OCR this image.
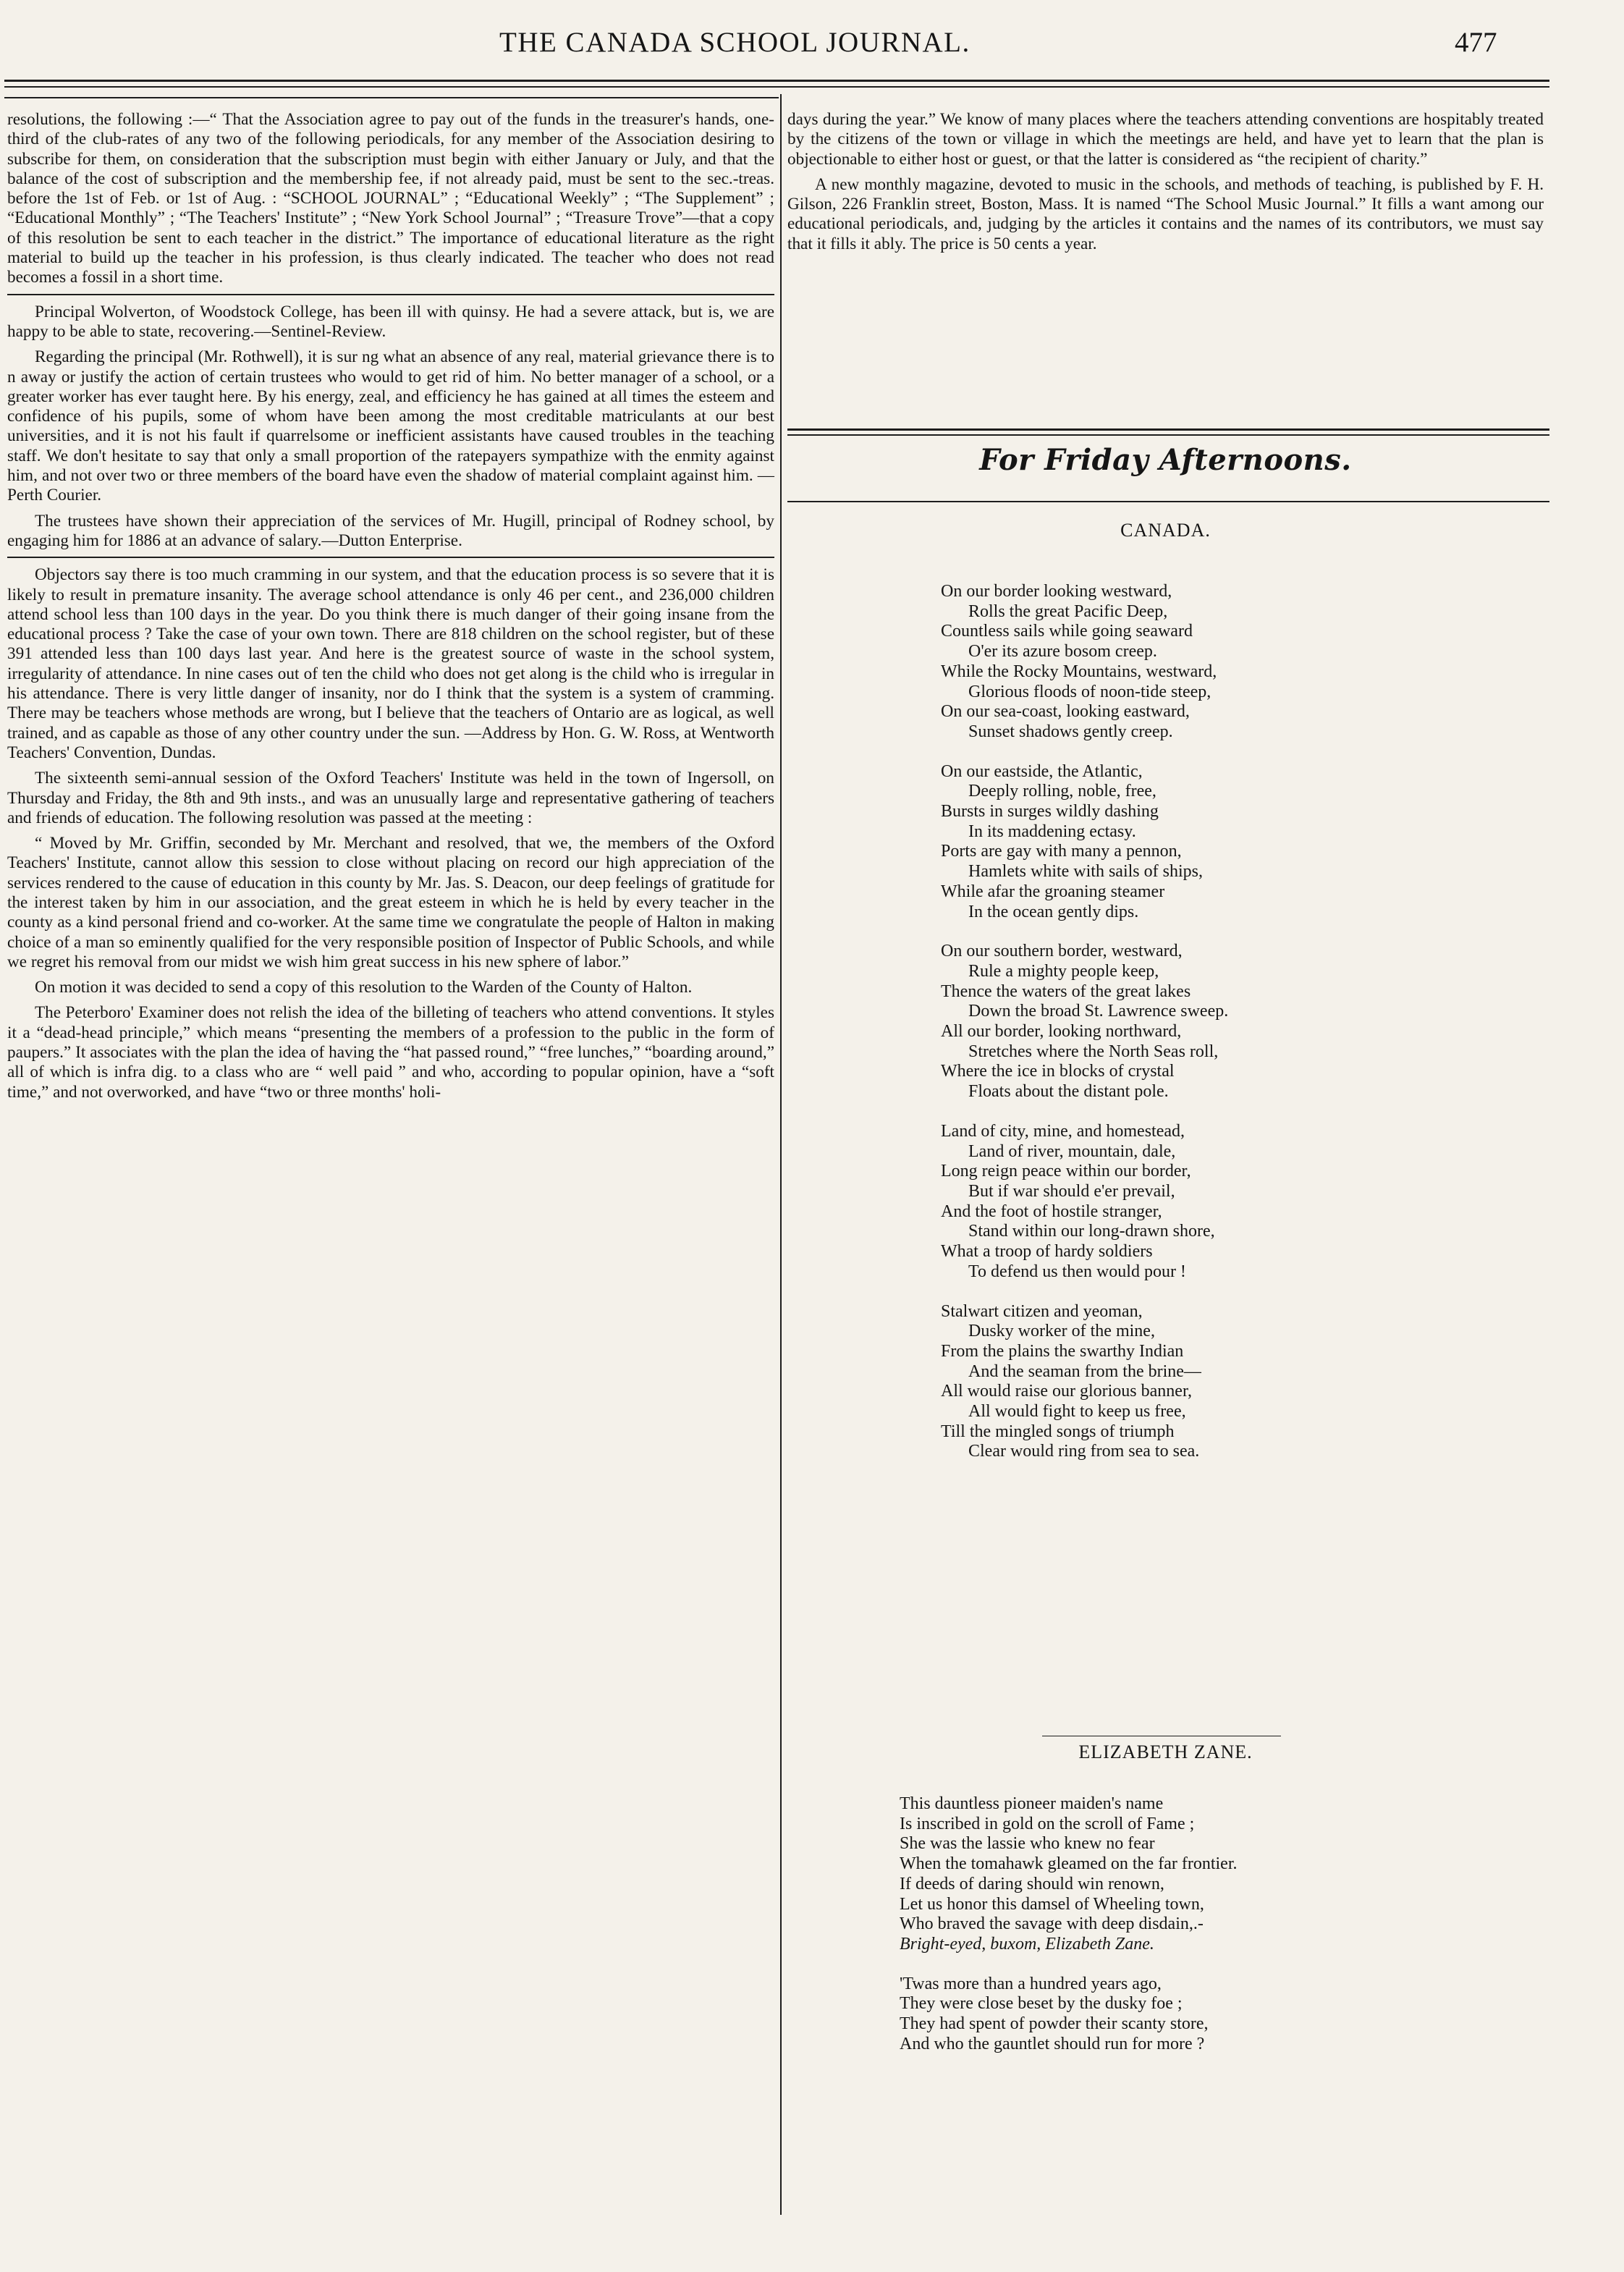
THE CANADA SCHOOL JOURNAL.	477

resolutions, the following :—“ That the Association agree to pay out of the funds in the treasurer's hands, one-third of the club-rates of any two of the following periodicals, for any member of the Association desiring to subscribe for them, on consideration that the subscription must begin with either January or July, and that the balance of the cost of subscription and the membership fee, if not already paid, must be sent to the sec.-treas. before the 1st of Feb. or 1st of Aug. : “SCHOOL JOURNAL” ; “Educational Weekly” ; “The Supplement” ; “Educational Monthly” ; “The Teachers' Institute” ; “New York School Journal” ; “Treasure Trove”—that a copy of this resolution be sent to each teacher in the district.” The importance of educational literature as the right material to build up the teacher in his profession, is thus clearly indicated. The teacher who does not read becomes a fossil in a short time.

Principal Wolverton, of Woodstock College, has been ill with quinsy. He had a severe attack, but is, we are happy to be able to state, recovering.—Sentinel-Review.

Regarding the principal (Mr. Rothwell), it is sur ng what an absence of any real, material grievance there is to n away or justify the action of certain trustees who would to get rid of him. No better manager of a school, or a greater worker has ever taught here. By his energy, zeal, and efficiency he has gained at all times the esteem and confidence of his pupils, some of whom have been among the most creditable matriculants at our best universities, and it is not his fault if quarrelsome or inefficient assistants have caused troubles in the teaching staff. We don't hesitate to say that only a small proportion of the ratepayers sympathize with the enmity against him, and not over two or three members of the board have even the shadow of material complaint against him. —Perth Courier.

The trustees have shown their appreciation of the services of Mr. Hugill, principal of Rodney school, by engaging him for 1886 at an advance of salary.—Dutton Enterprise.

Objectors say there is too much cramming in our system, and that the education process is so severe that it is likely to result in premature insanity. The average school attendance is only 46 per cent., and 236,000 children attend school less than 100 days in the year. Do you think there is much danger of their going insane from the educational process ? Take the case of your own town. There are 818 children on the school register, but of these 391 attended less than 100 days last year. And here is the greatest source of waste in the school system, irregularity of attendance. In nine cases out of ten the child who does not get along is the child who is irregular in his attendance. There is very little danger of insanity, nor do I think that the system is a system of cramming. There may be teachers whose methods are wrong, but I believe that the teachers of Ontario are as logical, as well trained, and as capable as those of any other country under the sun. —Address by Hon. G. W. Ross, at Wentworth Teachers' Convention, Dundas.

The sixteenth semi-annual session of the Oxford Teachers' Institute was held in the town of Ingersoll, on Thursday and Friday, the 8th and 9th insts., and was an unusually large and representative gathering of teachers and friends of education. The following resolution was passed at the meeting :

“ Moved by Mr. Griffin, seconded by Mr. Merchant and resolved, that we, the members of the Oxford Teachers' Institute, cannot allow this session to close without placing on record our high appreciation of the services rendered to the cause of education in this county by Mr. Jas. S. Deacon, our deep feelings of gratitude for the interest taken by him in our association, and the great esteem in which he is held by every teacher in the county as a kind personal friend and co-worker. At the same time we congratulate the people of Halton in making choice of a man so eminently qualified for the very responsible position of Inspector of Public Schools, and while we regret his removal from our midst we wish him great success in his new sphere of labor.”

On motion it was decided to send a copy of this resolution to the Warden of the County of Halton.

The Peterboro' Examiner does not relish the idea of the billeting of teachers who attend conventions. It styles it a “dead-head principle,” which means “presenting the members of a profession to the public in the form of paupers.” It associates with the plan the idea of having the “hat passed round,” “free lunches,” “boarding around,” all of which is infra dig. to a class who are “ well paid ” and who, according to popular opinion, have a “soft time,” and not overworked, and have “two or three months' holi-

days during the year.” We know of many places where the teachers attending conventions are hospitably treated by the citizens of the town or village in which the meetings are held, and have yet to learn that the plan is objectionable to either host or guest, or that the latter is considered as “the recipient of charity.”

A new monthly magazine, devoted to music in the schools, and methods of teaching, is published by F. H. Gilson, 226 Franklin street, Boston, Mass. It is named “The School Music Journal.” It fills a want among our educational periodicals, and, judging by the articles it contains and the names of its contributors, we must say that it fills it ably. The price is 50 cents a year.

For Friday Afternoons.
CANADA.
On our border looking westward,
Rolls the great Pacific Deep,
Countless sails while going seaward
O'er its azure bosom creep.
While the Rocky Mountains, westward,
Glorious floods of noon-tide steep,
On our sea-coast, looking eastward,
Sunset shadows gently creep.
On our eastside, the Atlantic,
Deeply rolling, noble, free,
Bursts in surges wildly dashing
In its maddening ectasy.
Ports are gay with many a pennon,
Hamlets white with sails of ships,
While afar the groaning steamer
In the ocean gently dips.
On our southern border, westward,
Rule a mighty people keep,
Thence the waters of the great lakes
Down the broad St. Lawrence sweep.
All our border, looking northward,
Stretches where the North Seas roll,
Where the ice in blocks of crystal
Floats about the distant pole.
Land of city, mine, and homestead,
Land of river, mountain, dale,
Long reign peace within our border,
But if war should e'er prevail,
And the foot of hostile stranger,
Stand within our long-drawn shore,
What a troop of hardy soldiers
To defend us then would pour !
Stalwart citizen and yeoman,
Dusky worker of the mine,
From the plains the swarthy Indian
And the seaman from the brine—
All would raise our glorious banner,
All would fight to keep us free,
Till the mingled songs of triumph
Clear would ring from sea to sea.
ELIZABETH ZANE.
This dauntless pioneer maiden's name
Is inscribed in gold on the scroll of Fame ;
She was the lassie who knew no fear
When the tomahawk gleamed on the far frontier.
If deeds of daring should win renown,
Let us honor this damsel of Wheeling town,
Who braved the savage with deep disdain,.-
Bright-eyed, buxom, Elizabeth Zane.
'Twas more than a hundred years ago,
They were close beset by the dusky foe ;
They had spent of powder their scanty store,
And who the gauntlet should run for more ?
